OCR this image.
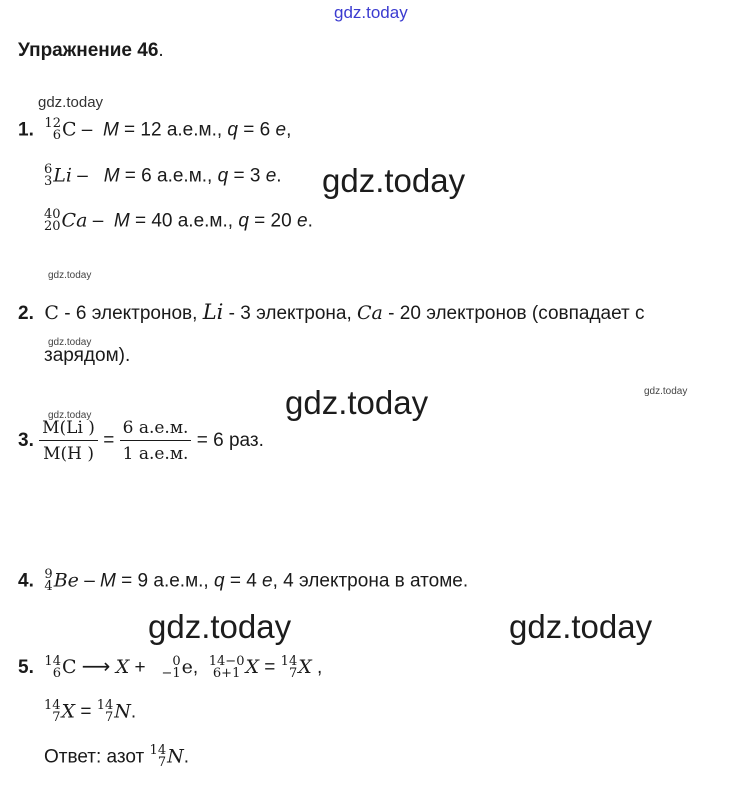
gdz.today
Упражнение 46.
gdz.today
1. 12
6 C – M = 12 а.е.м., q = 6 e,
6
3 Li – M = 6 а.е.м., q = 3 e. gdz.today
40
20 Ca – M = 40 а.е.м., q = 20 e.
gdz.today
2. C - 6 электронов, Li - 3 электрона, Ca - 20 электронов (совпадает с
gdz.today
зарядом).
gdz.today
gdz.today
gdz.today
3. $\frac{M(Li )}{M(H )} = \frac{6 а.е.м.}{1 а.е.м.} = 6$ раз.
4. 9
4 Be – M = 9 а.е.м., q = 4 e, 4 электрона в атоме.
gdz.today	gdz.today
5. 14
6 C ⟶ X +	0
−1 e, 14−0
6+1 X = 14
7 X ,
14
7 X = 14
7 N.
Ответ: азот 14
7 N.
